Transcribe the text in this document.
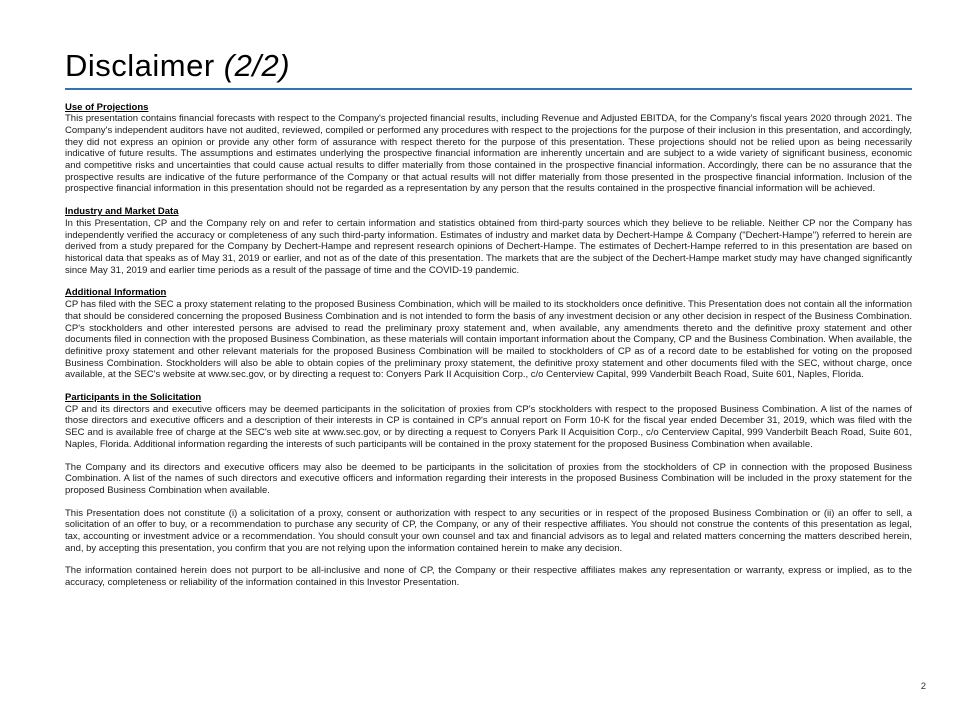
Disclaimer (2/2)
Use of Projections
This presentation contains financial forecasts with respect to the Company's projected financial results, including Revenue and Adjusted EBITDA, for the Company's fiscal years 2020 through 2021. The Company's independent auditors have not audited, reviewed, compiled or performed any procedures with respect to the projections for the purpose of their inclusion in this presentation, and accordingly, they did not express an opinion or provide any other form of assurance with respect thereto for the purpose of this presentation. These projections should not be relied upon as being necessarily indicative of future results. The assumptions and estimates underlying the prospective financial information are inherently uncertain and are subject to a wide variety of significant business, economic and competitive risks and uncertainties that could cause actual results to differ materially from those contained in the prospective financial information. Accordingly, there can be no assurance that the prospective results are indicative of the future performance of the Company or that actual results will not differ materially from those presented in the prospective financial information. Inclusion of the prospective financial information in this presentation should not be regarded as a representation by any person that the results contained in the prospective financial information will be achieved.
Industry and Market Data
In this Presentation, CP and the Company rely on and refer to certain information and statistics obtained from third-party sources which they believe to be reliable. Neither CP nor the Company has independently verified the accuracy or completeness of any such third-party information. Estimates of industry and market data by Dechert-Hampe & Company ("Dechert-Hampe") referred to herein are derived from a study prepared for the Company by Dechert-Hampe and represent research opinions of Dechert-Hampe. The estimates of Dechert-Hampe referred to in this presentation are based on historical data that speaks as of May 31, 2019 or earlier, and not as of the date of this presentation. The markets that are the subject of the Dechert-Hampe market study may have changed significantly since May 31, 2019 and earlier time periods as a result of the passage of time and the COVID-19 pandemic.
Additional Information
CP has filed with the SEC a proxy statement relating to the proposed Business Combination, which will be mailed to its stockholders once definitive. This Presentation does not contain all the information that should be considered concerning the proposed Business Combination and is not intended to form the basis of any investment decision or any other decision in respect of the Business Combination. CP's stockholders and other interested persons are advised to read the preliminary proxy statement and, when available, any amendments thereto and the definitive proxy statement and other documents filed in connection with the proposed Business Combination, as these materials will contain important information about the Company, CP and the Business Combination. When available, the definitive proxy statement and other relevant materials for the proposed Business Combination will be mailed to stockholders of CP as of a record date to be established for voting on the proposed Business Combination. Stockholders will also be able to obtain copies of the preliminary proxy statement, the definitive proxy statement and other documents filed with the SEC, without charge, once available, at the SEC's website at www.sec.gov, or by directing a request to: Conyers Park II Acquisition Corp., c/o Centerview Capital, 999 Vanderbilt Beach Road, Suite 601, Naples, Florida.
Participants in the Solicitation
CP and its directors and executive officers may be deemed participants in the solicitation of proxies from CP's stockholders with respect to the proposed Business Combination. A list of the names of those directors and executive officers and a description of their interests in CP is contained in CP's annual report on Form 10-K for the fiscal year ended December 31, 2019, which was filed with the SEC and is available free of charge at the SEC's web site at www.sec.gov, or by directing a request to Conyers Park II Acquisition Corp., c/o Centerview Capital, 999 Vanderbilt Beach Road, Suite 601, Naples, Florida. Additional information regarding the interests of such participants will be contained in the proxy statement for the proposed Business Combination when available.
The Company and its directors and executive officers may also be deemed to be participants in the solicitation of proxies from the stockholders of CP in connection with the proposed Business Combination. A list of the names of such directors and executive officers and information regarding their interests in the proposed Business Combination will be included in the proxy statement for the proposed Business Combination when available.
This Presentation does not constitute (i) a solicitation of a proxy, consent or authorization with respect to any securities or in respect of the proposed Business Combination or (ii) an offer to sell, a solicitation of an offer to buy, or a recommendation to purchase any security of CP, the Company, or any of their respective affiliates. You should not construe the contents of this presentation as legal, tax, accounting or investment advice or a recommendation. You should consult your own counsel and tax and financial advisors as to legal and related matters concerning the matters described herein, and, by accepting this presentation, you confirm that you are not relying upon the information contained herein to make any decision.
The information contained herein does not purport to be all-inclusive and none of CP, the Company or their respective affiliates makes any representation or warranty, express or implied, as to the accuracy, completeness or reliability of the information contained in this Investor Presentation.
2
